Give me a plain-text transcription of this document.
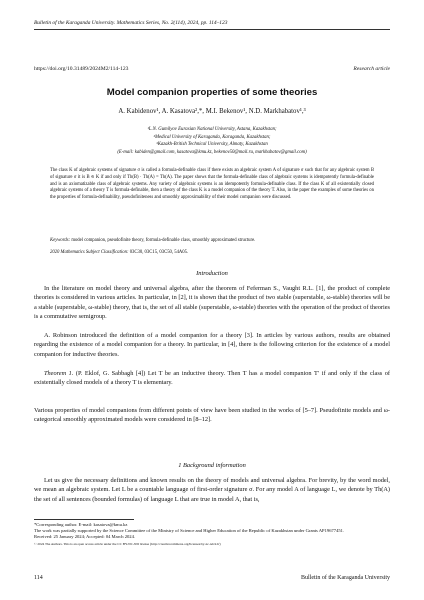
Bulletin of the Karaganda University. Mathematics Series, No. 2(114), 2024, pp. 114–123
https://doi.org/10.31489/2024M2/114-123	Research article
Model companion properties of some theories
A. Kabidenov¹, A. Kasatova²,*, M.I. Bekenov¹, N.D. Markhabatov¹,³
¹L.N. Gumilyov Eurasian National University, Astana, Kazakhstan;
²Medical University of Karaganda, Karaganda, Kazakhstan;
³Kazakh-British Technical University, Almaty, Kazakhstan
(E-mail: kabiden@gmail.com, kasatova@kmu.kz, bekenov50@mail.ru, markhabatov@gmail.com)
The class K of algebraic systems of signature σ is called a formula-definable class if there exists an algebraic system A of signature σ such that for any algebraic system B of signature σ it is B ∈ K if and only if Th(B) · Th(A) = Th(A). The paper shows that the formula-definable class of algebraic systems is idempotently formula-definable and is an axiomatizable class of algebraic systems. Any variety of algebraic systems is an idempotently formula-definable class. If the class K of all existentially closed algebraic systems of a theory T is formula-definable, then a theory of the class K is a model companion of the theory T. Also, in the paper the examples of some theories on the properties of formula-definability, pseudofiniteness and smoothly approximability of their model companion were discussed.
Keywords: model companion, pseudofinite theory, formula-definable class, smoothly approximated structure.
2020 Mathematics Subject Classification: 03C30, 03C15, 03C50, 54A05.
Introduction

In the literature on model theory and universal algebra, after the theorem of Feferman S., Vaught R.L. [1], the product of complete theories is considered in various articles. In particular, in [2], it is shown that the product of two stable (superstable, ω-stable) theories will be a stable (superstable, ω-stable) theory, that is, the set of all stable (superstable, ω-stable) theories with the operation of the product of theories is a commutative semigroup.

A. Robinson introduced the definition of a model companion for a theory [3]. In articles by various authors, results are obtained regarding the existence of a model companion for a theory. In particular, in [4], there is the following criterion for the existence of a model companion for inductive theories.

Theorem 1. (P. Eklof, G. Sabbagh [4]) Let T be an inductive theory. Then T has a model companion T′ if and only if the class of existentially closed models of a theory T is elementary.

Various properties of model companions from different points of view have been studied in the works of [5–7]. Pseudofinite models and ω-categorical smoothly approximated models were considered in [8–12].

1 Background information

Let us give the necessary definitions and known results on the theory of models and universal algebra. For brevity, by the word model, we mean an algebraic system. Let L be a countable language of first-order signature σ. For any model A of language L, we denote by Th(A) the set of all sentences (bounded formulas) of language L that are true in model A, that is,

*Corresponding author. E-mail: kasatova@kmu.kz
The work was partially supported by the Science Committee of the Ministry of Science and Higher Education of the Republic of Kazakhstan under Grants AP19677451.
Received: 25 January 2024; Accepted: 04 March 2024.
© 2024 The Authors. This is an open access article under the CC BY-NC-ND license (http://creativecommons.org/licenses/by-nc-nd/4.0/)
114	Bulletin of the Karaganda University
